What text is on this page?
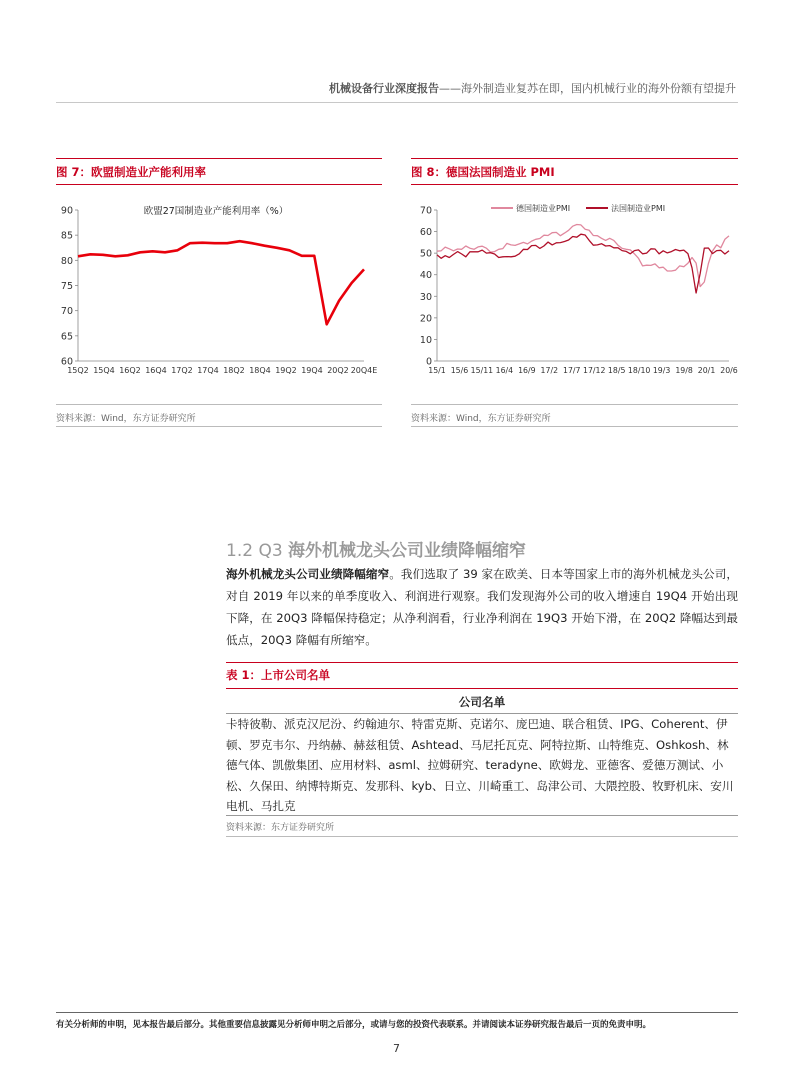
机械设备行业深度报告——海外制造业复苏在即，国内机械行业的海外份额有望提升
图 7：欧盟制造业产能利用率
60
65
70
75
80
85
90
15Q2 15Q4 16Q2 16Q4 17Q2 17Q4 18Q2 18Q4 19Q2 19Q4 20Q2 20Q4E
欧盟27国制造业产能利用率（%）
资料来源：Wind，东方证券研究所
图 8：德国法国制造业 PMI
0
10
20
30
40
50
60
70
15/1 15/6 15/11 16/4 16/9 17/2 17/7 17/12 18/5 18/10 19/3 19/8 20/1 20/6
德国制造业PMI	法国制造业PMI
资料来源：Wind，东方证券研究所
1.2 Q3 海外机械龙头公司业绩降幅缩窄
海外机械龙头公司业绩降幅缩窄。我们选取了 39 家在欧美、日本等国家上市的海外机械龙头公司，对自 2019 年以来的单季度收入、利润进行观察。我们发现海外公司的收入增速自 19Q4 开始出现下降，在 20Q3 降幅保持稳定；从净利润看，行业净利润在 19Q3 开始下滑，在 20Q2 降幅达到最低点，20Q3 降幅有所缩窄。
表 1：上市公司名单
公司名单
卡特彼勒、派克汉尼汾、约翰迪尔、特雷克斯、克诺尔、庞巴迪、联合租赁、IPG、Coherent、伊顿、罗克韦尔、丹纳赫、赫兹租赁、Ashtead、马尼托瓦克、阿特拉斯、山特维克、Oshkosh、林德气体、凯傲集团、应用材料、asml、拉姆研究、teradyne、欧姆龙、亚德客、爱德万测试、小松、久保田、纳博特斯克、发那科、kyb、日立、川崎重工、岛津公司、大隈控股、牧野机床、安川电机、马扎克
资料来源：东方证券研究所
有关分析师的申明，见本报告最后部分。其他重要信息披露见分析师申明之后部分，或请与您的投资代表联系。并请阅读本证券研究报告最后一页的免责申明。
7
